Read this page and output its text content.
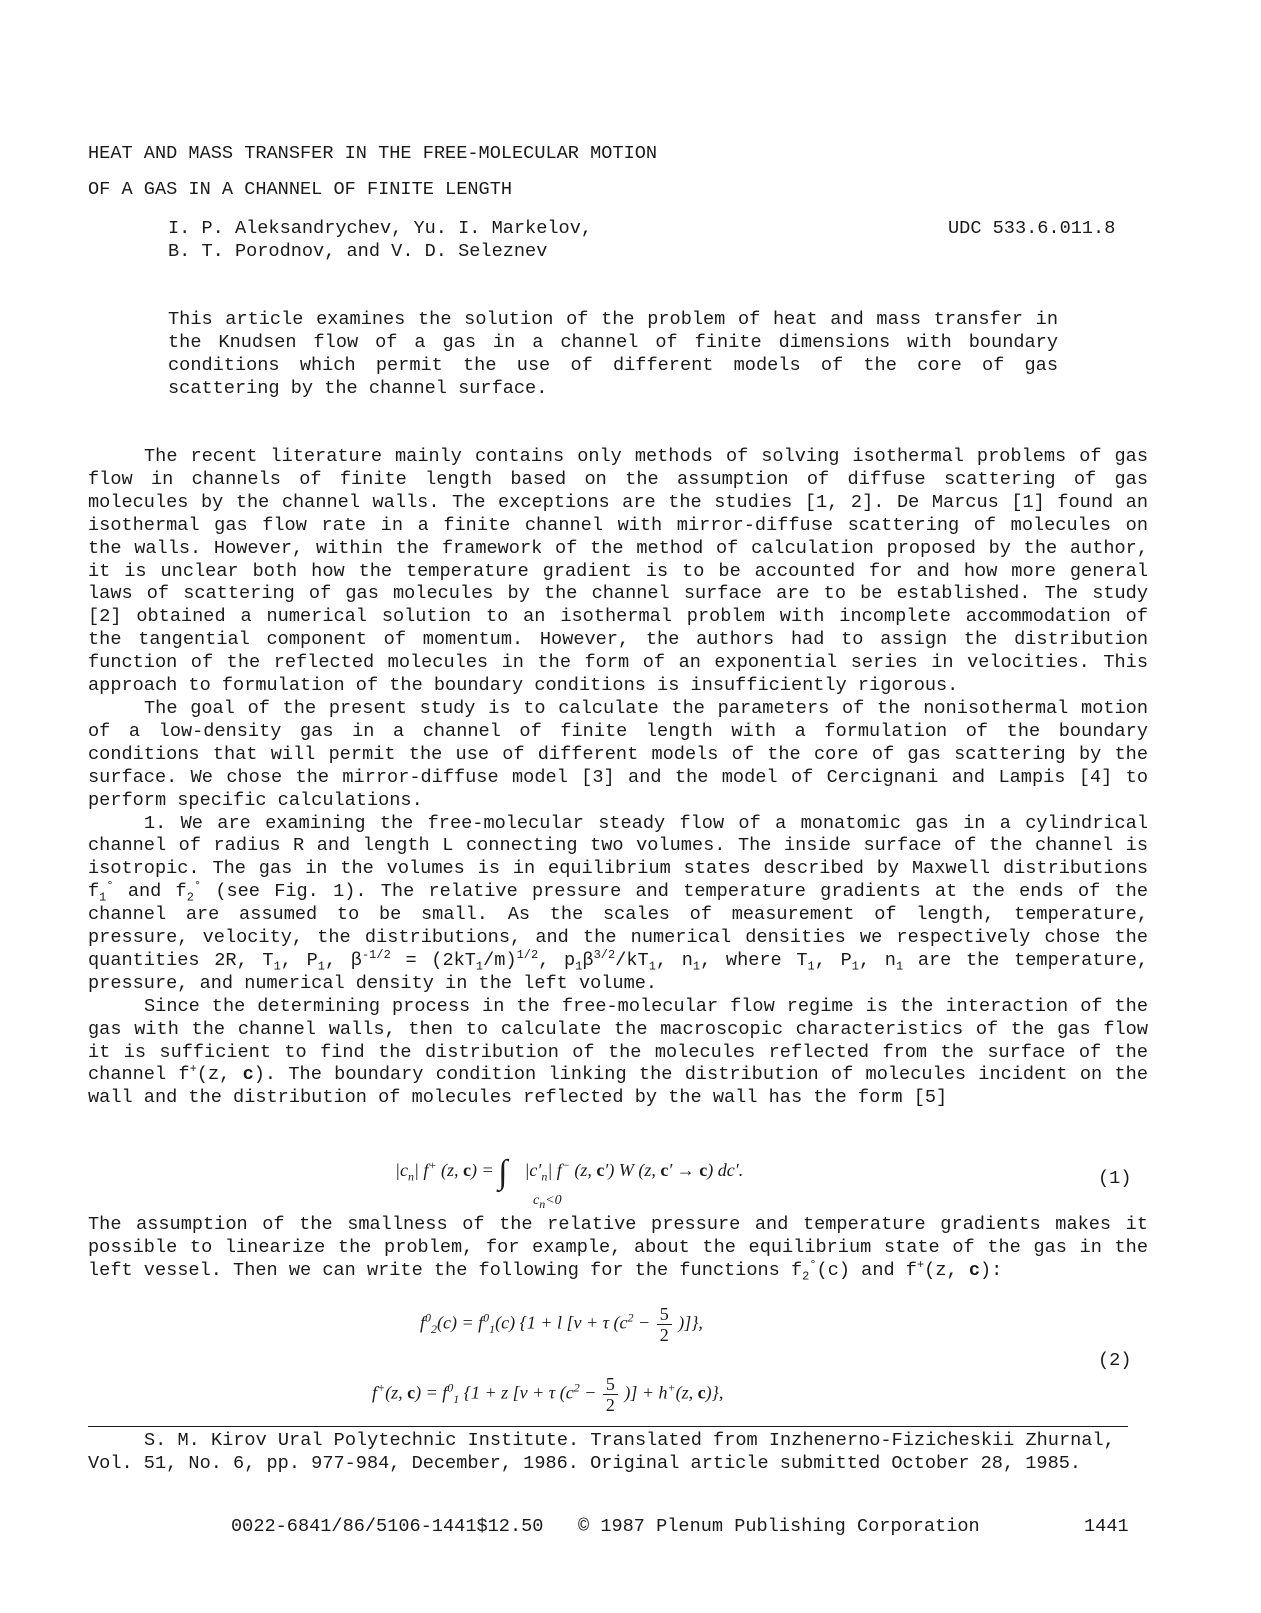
HEAT AND MASS TRANSFER IN THE FREE-MOLECULAR MOTION
OF A GAS IN A CHANNEL OF FINITE LENGTH
I. P. Aleksandrychev, Yu. I. Markelov,
B. T. Porodnov, and V. D. Seleznev
UDC 533.6.011.8

This article examines the solution of the problem of heat and mass transfer in the Knudsen flow of a gas in a channel of finite dimensions with boundary conditions which permit the use of different models of the core of gas scattering by the channel surface.

The recent literature mainly contains only methods of solving isothermal problems of gas flow in channels of finite length based on the assumption of diffuse scattering of gas molecules by the channel walls. The exceptions are the studies [1, 2]. De Marcus [1] found an isothermal gas flow rate in a finite channel with mirror-diffuse scattering of molecules on the walls. However, within the framework of the method of calculation proposed by the author, it is unclear both how the temperature gradient is to be accounted for and how more general laws of scattering of gas molecules by the channel surface are to be established. The study [2] obtained a numerical solution to an isothermal problem with incomplete accommodation of the tangential component of momentum. However, the authors had to assign the distribution function of the reflected molecules in the form of an exponential series in velocities. This approach to formulation of the boundary conditions is insufficiently rigorous.

The goal of the present study is to calculate the parameters of the nonisothermal motion of a low-density gas in a channel of finite length with a formulation of the boundary conditions that will permit the use of different models of the core of gas scattering by the surface. We chose the mirror-diffuse model [3] and the model of Cercignani and Lampis [4] to perform specific calculations.

1. We are examining the free-molecular steady flow of a monatomic gas in a cylindrical channel of radius R and length L connecting two volumes. The inside surface of the channel is isotropic. The gas in the volumes is in equilibrium states described by Maxwell distributions $f_1^\circ$ and $f_2^\circ$ (see Fig. 1). The relative pressure and temperature gradients at the ends of the channel are assumed to be small. As the scales of measurement of length, temperature, pressure, velocity, the distributions, and the numerical densities we respectively chose the quantities 2R, $T_1$, $P_1$, $\beta^{-1/2} = (2kT_1/m)^{1/2}$, $p_1\beta^{3/2}/kT_1$, $n_1$, where $T_1$, $P_1$, $n_1$ are the temperature, pressure, and numerical density in the left volume.

Since the determining process in the free-molecular flow regime is the interaction of the gas with the channel walls, then to calculate the macroscopic characteristics of the gas flow it is sufficient to find the distribution of the molecules reflected from the surface of the channel f+(z, c). The boundary condition linking the distribution of molecules incident on the wall and the distribution of molecules reflected by the wall has the form [5]

$|c_n|$ f+ (z, c) = ∫ $|c'_n|$ f− (z, c′) W (z, c′ → c) dc′.
$c_n<0$
(1)

The assumption of the smallness of the relative pressure and temperature gradients makes it possible to linearize the problem, for example, about the equilibrium state of the gas in the left vessel. Then we can write the following for the functions $f_2^\circ(c)$ and f+(z, c):

$f^0_2(c) = f^0_1(c) \{1 + l$ [v + τ ($c^2 - \frac{5}{2}$ )]},
(2)
f+(z, $c) = f^0_1$ {1 + z [v + τ ($c^2 - \frac{5}{2}$ )] + h+(z, c)},
S. M. Kirov Ural Polytechnic Institute. Translated from Inzhenerno-Fizicheskii Zhurnal,
Vol. 51, No. 6, pp. 977-984, December, 1986. Original article submitted October 28, 1985.
0022-6841/86/5106-1441$12.50 © 1987 Plenum Publishing Corporation	1441
